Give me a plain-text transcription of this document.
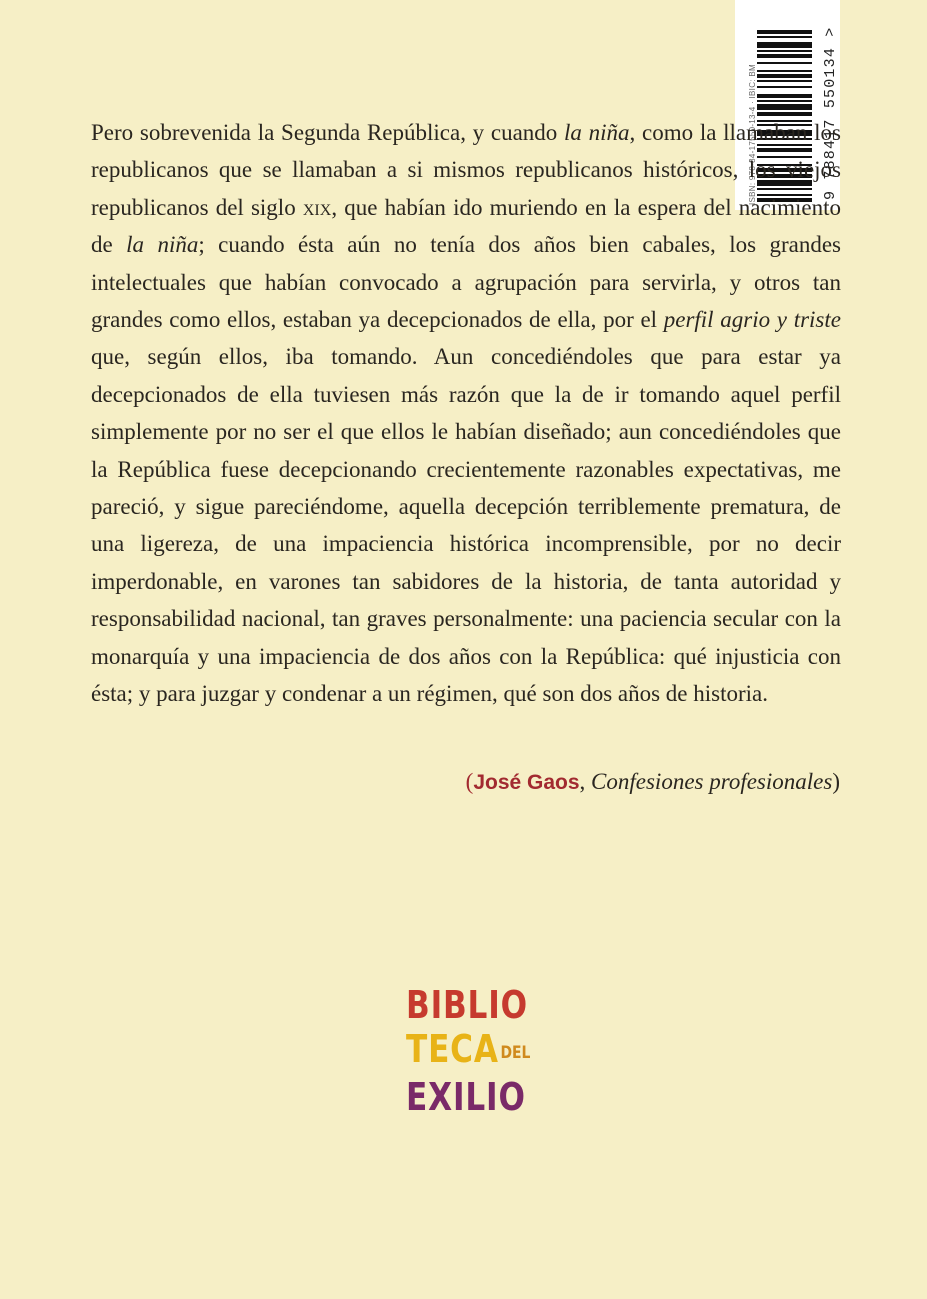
ISBN: 978-84-17550-13-4 · IBIC: BM	9 788417 550134 >

Pero sobrevenida la Segunda República, y cuando la niña, como la llamaban los republicanos que se llamaban a si mismos republicanos históricos, los viejos republicanos del siglo xix, que habían ido muriendo en la espera del nacimiento de la niña; cuando ésta aún no tenía dos años bien cabales, los grandes intelectuales que habían convocado a agrupación para servirla, y otros tan grandes como ellos, estaban ya decepcionados de ella, por el perfil agrio y triste que, según ellos, iba tomando. Aun concediéndoles que para estar ya decepcionados de ella tuviesen más razón que la de ir tomando aquel perfil simplemente por no ser el que ellos le habían diseñado; aun concediéndoles que la República fuese decepcionando crecientemente razonables expectativas, me pareció, y sigue pareciéndome, aquella decepción terriblemente prematura, de una ligereza, de una impaciencia histórica incomprensible, por no decir imperdonable, en varones tan sabidores de la historia, de tanta autoridad y responsabilidad nacional, tan graves personalmente: una paciencia secular con la monarquía y una impaciencia de dos años con la República: qué injusticia con ésta; y para juzgar y condenar a un régimen, qué son dos años de historia.

(José Gaos, Confesiones profesionales)
BIBLIO
TECADEL
EXILIO
